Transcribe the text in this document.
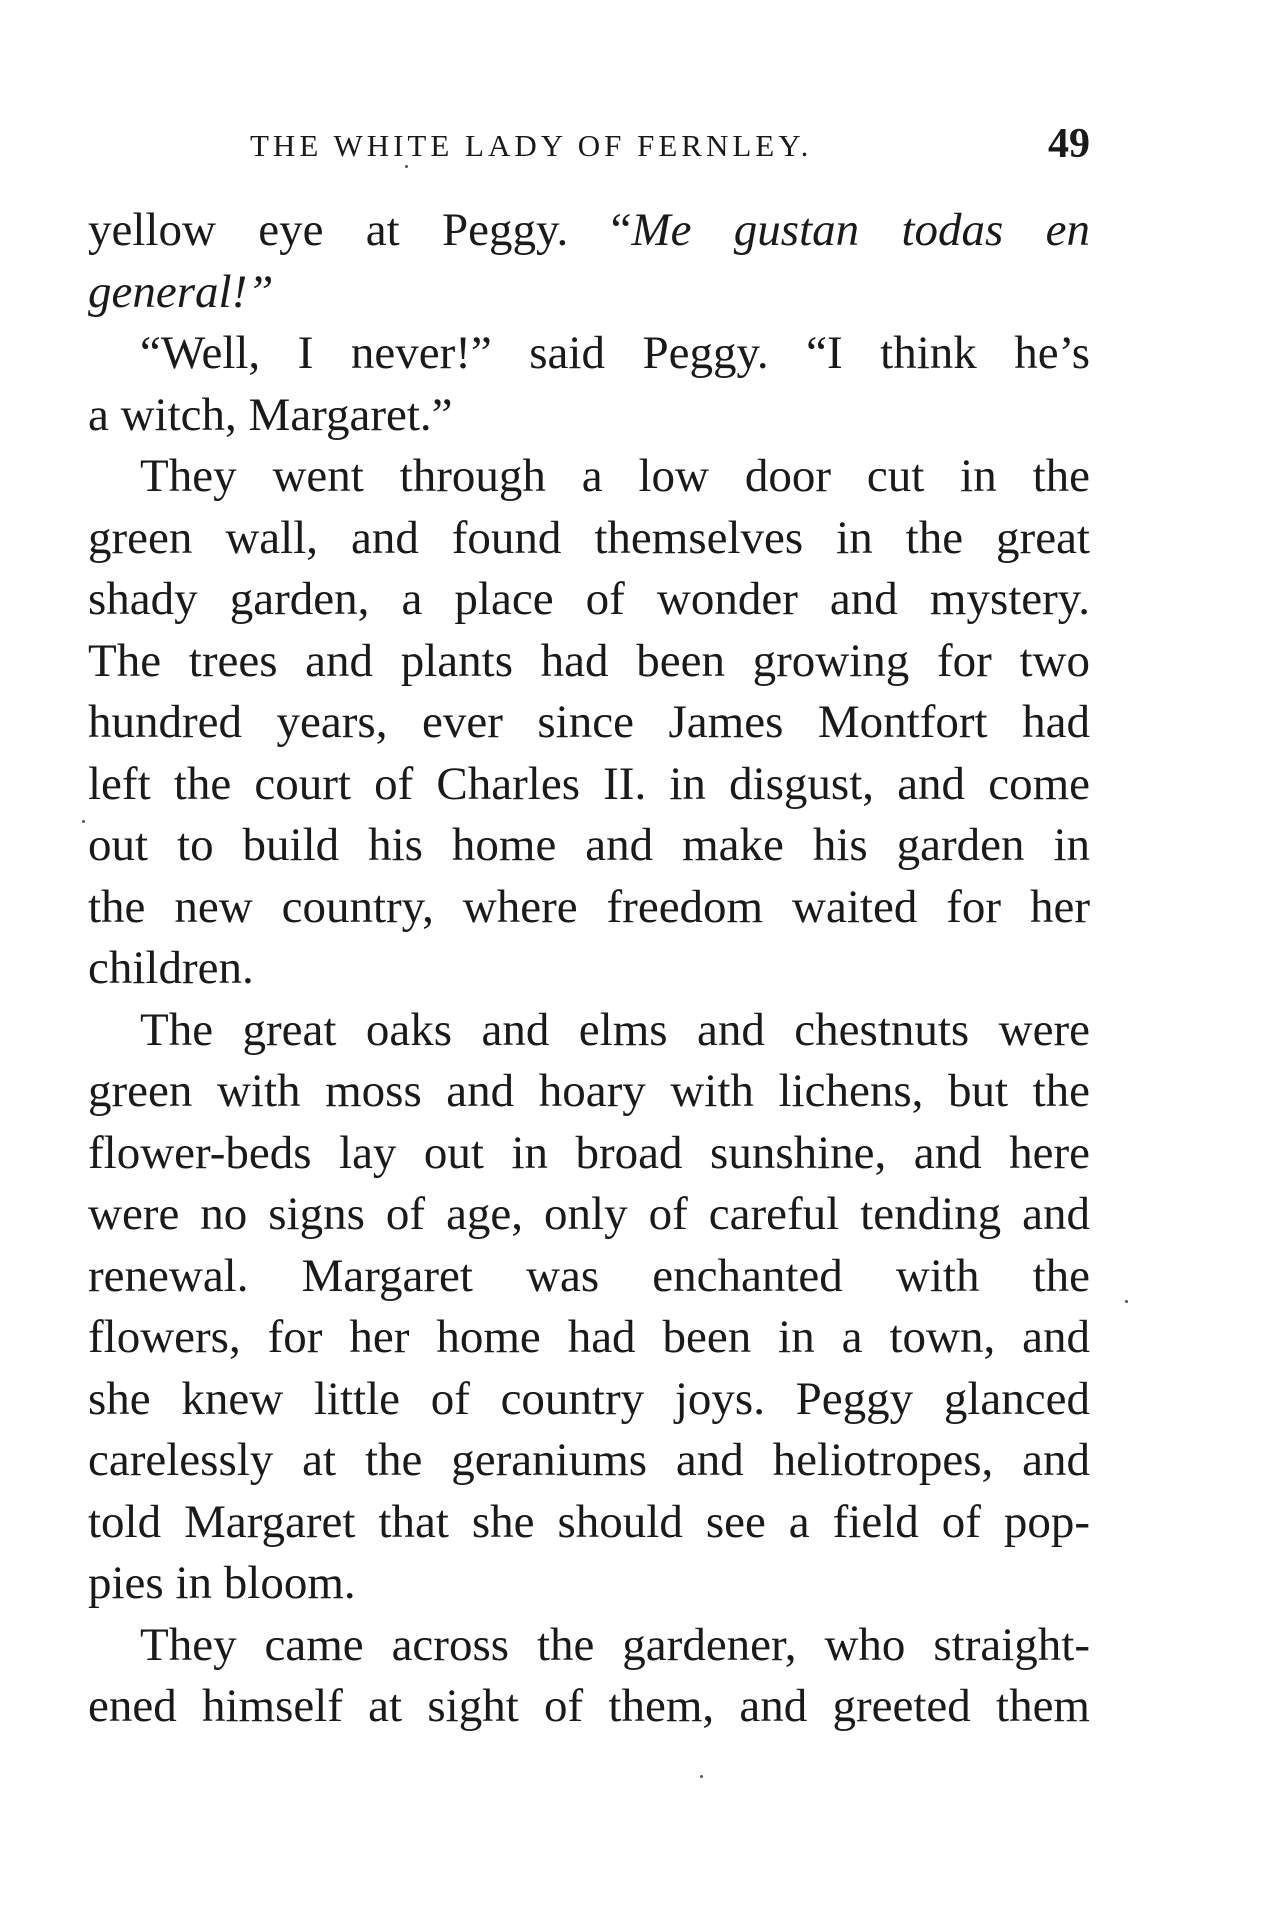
THE WHITE LADY OF FERNLEY.	49

yellow eye at Peggy. “Me gustan todas en
general!”

“Well, I never!” said Peggy. “I think he’s
a witch, Margaret.”

They went through a low door cut in the
green wall, and found themselves in the great
shady garden, a place of wonder and mystery.
The trees and plants had been growing for two
hundred years, ever since James Montfort had
left the court of Charles II. in disgust, and come
out to build his home and make his garden in
the new country, where freedom waited for her
children.

The great oaks and elms and chestnuts were
green with moss and hoary with lichens, but the
flower-beds lay out in broad sunshine, and here
were no signs of age, only of careful tending and
renewal. Margaret was enchanted with the
flowers, for her home had been in a town, and
she knew little of country joys. Peggy glanced
carelessly at the geraniums and heliotropes, and
told Margaret that she should see a field of pop-
pies in bloom.

They came across the gardener, who straight-
ened himself at sight of them, and greeted them
